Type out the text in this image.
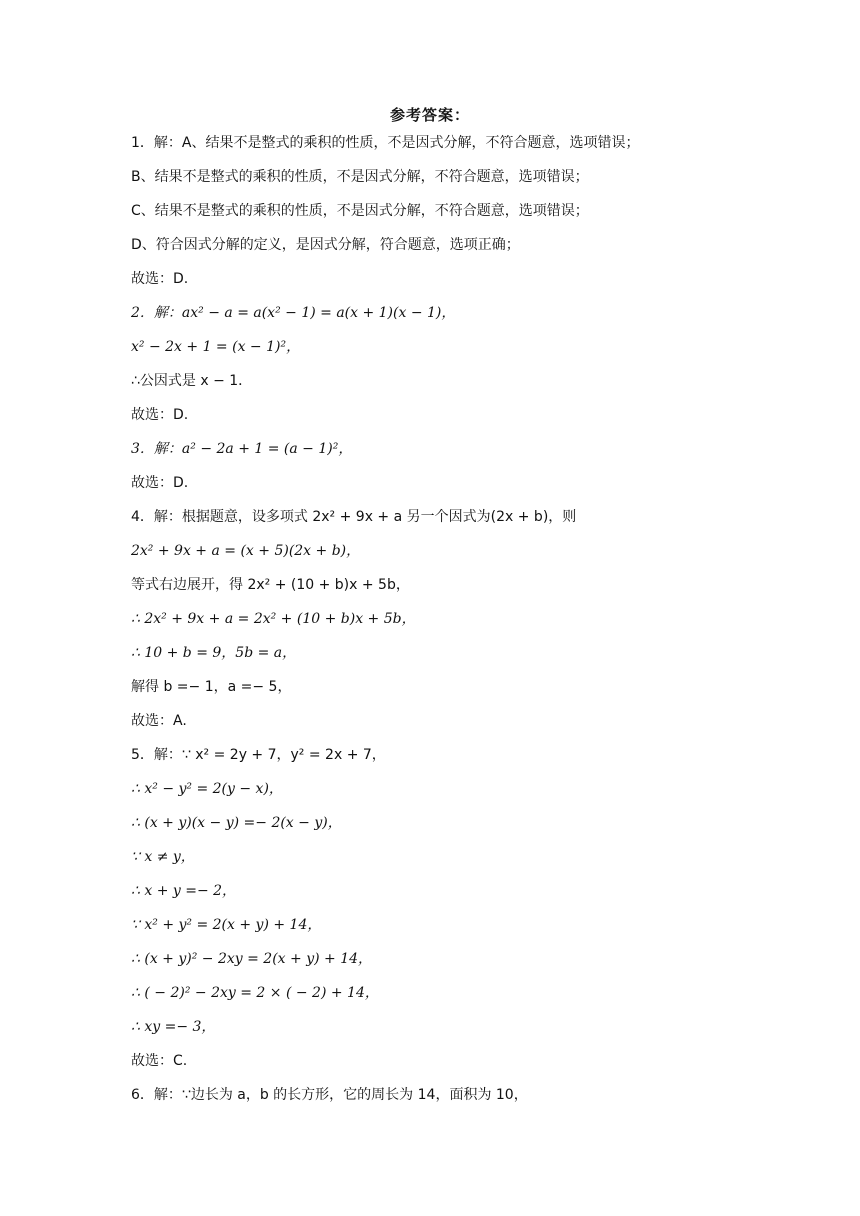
参考答案：
1．解：A、结果不是整式的乘积的性质，不是因式分解，不符合题意，选项错误；
B、结果不是整式的乘积的性质，不是因式分解，不符合题意，选项错误；
C、结果不是整式的乘积的性质，不是因式分解，不符合题意，选项错误；
D、符合因式分解的定义，是因式分解，符合题意，选项正确；
故选：D.
2．解：ax² − a = a(x² − 1) = a(x + 1)(x − 1)，
x² − 2x + 1 = (x − 1)²，
∴公因式是 x − 1．
故选：D.
3．解：a² − 2a + 1 = (a − 1)²，
故选：D.
4．解：根据题意，设多项式 2x² + 9x + a 另一个因式为(2x + b)，则
2x² + 9x + a = (x + 5)(2x + b)，
等式右边展开，得 2x² + (10 + b)x + 5b，
∴ 2x² + 9x + a = 2x² + (10 + b)x + 5b，
∴ 10 + b = 9，5b = a，
解得 b =− 1，a =− 5，
故选：A.
5．解：∵ x² = 2y + 7，y² = 2x + 7，
∴ x² − y² = 2(y − x)，
∴ (x + y)(x − y) =− 2(x − y)，
∵ x ≠ y，
∴ x + y =− 2，
∵ x² + y² = 2(x + y) + 14，
∴ (x + y)² − 2xy = 2(x + y) + 14，
∴ ( − 2)² − 2xy = 2 × ( − 2) + 14，
∴ xy =− 3，
故选：C.
6．解：∵边长为 a，b 的长方形，它的周长为 14，面积为 10，
